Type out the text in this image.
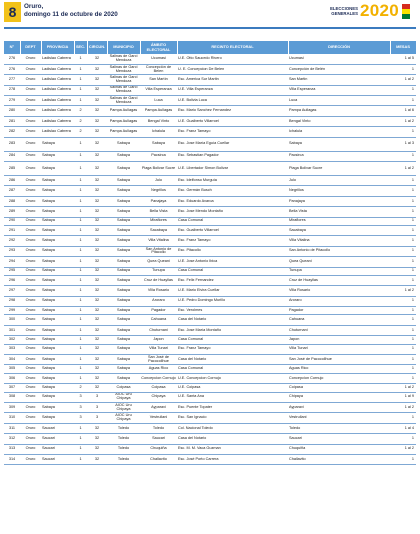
8	Oruro,
domingo 11 de octubre de 2020
ELECCIONES
GENERALES 2020
N°	DEPT	PROVINCIA	SEC.	CIRCUN.	MUNICIPIO	ÁMBITO ELECTORAL	RECINTO ELECTORAL	DIRECCIÓN	MESAS
276	Oruro	Ladislao Cabrera	1	32	Salinas de Garci Mendoza	Ucumasi	U.E. Otto Saucedo Rivero	Ucumasi	1 al 5
276	Oruro	Ladislao Cabrera	1	32	Salinas de Garci Mendoza	Concepción de Belen	U. E. Concepcion De Belen	Concepción de Belén	1
277	Oruro	Ladislao Cabrera	1	32	Salinas de Garci Mendoza	San Martín	Esc. America Sur Martin	San Martin	1 al 2
278	Oruro	Ladislao Cabrera	1	32	Salinas de Garci Mendoza	Villa Esperanza	U.E. Villa Esperanza	Villa Esperanza	1
279	Oruro	Ladislao Cabrera	1	32	Salinas de Garci Mendoza	Luca	U.E. Bolivia Luca	Luca	1
280	Oruro	Ladislao Cabrera	2	32	Pampa Aullagas	Pampa Aullagas	Esc. Mario Sanchez Fernandez	Pampa Aullagas	1 al 6
281	Oruro	Ladislao Cabrera	2	32	Pampa Aullagas	Bengal Vinto	U.E. Gualberto Villarroel	Bengal Vinto	1 al 2
282	Oruro	Ladislao Cabrera	2	32	Pampa Aullagas	Ichalula	Esc. Franz Tamayo	Ichalula	1
283	Oruro	Sabaya	1	32	Sabaya	Sabaya	Esc. Jose María Eguía Cuellar	Sabaya	1 al 3
284	Oruro	Sabaya	1	32	Sabaya	Pacsirca	Esc. Sebastian Pagador	Pacsirca	1
285	Oruro	Sabaya	1	32	Sabaya	Piaga Bolivar Sucre	U.E. Libertador Simon Bolivar	Piaga Bolivar Sucre	1 al 2
286	Oruro	Sabaya	1	32	Sabaya	Julo	Esc. Idelfonso Murguía	Julo	1
287	Oruro	Sabaya	1	32	Sabaya	Negrillos	Esc. Germán Busch	Negrillos	1
288	Oruro	Sabaya	1	32	Sabaya	Panajaya	Esc. Eduardo Avaroa	Panajaya	1
289	Oruro	Sabaya	1	32	Sabaya	Bella Vista	Esc. Jose Mendo Montaño	Bella Vista	1
290	Oruro	Sabaya	1	32	Sabaya	Miraflores	Casa Comunal	Miraflores	1
291	Oruro	Sabaya	1	32	Sabaya	Sacabaya	Esc. Gualberto Villarroel	Sacabaya	1
292	Oruro	Sabaya	1	32	Sabaya	Villa Vitalina	Esc. Franz Tamayo	Villa Vitalina	1
293	Oruro	Sabaya	1	32	Sabaya	San Antonio de Pitacollo	Esc. Pitacollo	San Antonio de Pitacollo	1
294	Oruro	Sabaya	1	32	Sabaya	Quea Queani	U.E. Jose Antonio Ibica	Quea Queani	1
295	Oruro	Sabaya	1	32	Sabaya	Tunupa	Casa Comunal	Tunupa	1
296	Oruro	Sabaya	1	32	Sabaya	Cruz de Huayllas	Esc. Felix Fernandez	Cruz de Huayllas	1
297	Oruro	Sabaya	1	32	Sabaya	Villa Rosario	U.E. Mario Eivira Cuellar	Villa Rosario	1 al 2
298	Oruro	Sabaya	1	32	Sabaya	Aroraro	U.E. Pedro Domingo Murillo	Aroraro	1
299	Oruro	Sabaya	1	32	Sabaya	Pagador	Esc. Verolmes	Pagador	1
300	Oruro	Sabaya	1	32	Sabaya	Cahuana	Casa del Notario	Cahuana	1
301	Oruro	Sabaya	1	32	Sabaya	Chuturnani	Esc. Jose María Montaño	Chuturnani	1
302	Oruro	Sabaya	1	32	Sabaya	Japon	Casa Comunal	Japon	1
303	Oruro	Sabaya	1	32	Sabaya	Villa Tunari	Esc. Franz Tamayo	Villa Tunari	1
304	Oruro	Sabaya	1	32	Sabaya	San José de Pacocollhue	Casa del Notario	San José de Pacocollhue	1
305	Oruro	Sabaya	1	32	Sabaya	Aguas Rico	Casa Comunal	Aguas Rico	1
306	Oruro	Sabaya	1	32	Sabaya	Concepcion Cornujo	U.E. Concepcion Cornujo	Concepcion Cornujo	1
307	Oruro	Sabaya	2	32	Coipasa	Coipasa	U.E. Coipasa	Coipasa	1 al 2
308	Oruro	Sabaya	3	3	AIOC Uru Chipaya	Chipaya	U.E. Santa Ana	Chipaya	1 al 9
309	Oruro	Sabaya	3	3	AIOC Uru Chipaya	Ayparavi	Esc. Puente Topater	Ayparavi	1 al 2
310	Oruro	Sabaya	3	3	AIOC Uru Chipaya	Vestrullani	Esc. San Ignacio	Vestrullani	1
311	Oruro	Saucari	1	32	Toledo	Toledo	Col. Nacional Toledo	Toledo	1 al 4
312	Oruro	Saucari	1	32	Toledo	Saucari	Casa del Notario	Saucari	1
313	Oruro	Saucari	1	32	Toledo	Chuquiña	Esc. M. M. Vaca Guzman	Chuquiña	1 al 2
314	Oruro	Saucari	1	32	Toledo	Challavito	Esc. José Porto Carrera	Challavito	1
